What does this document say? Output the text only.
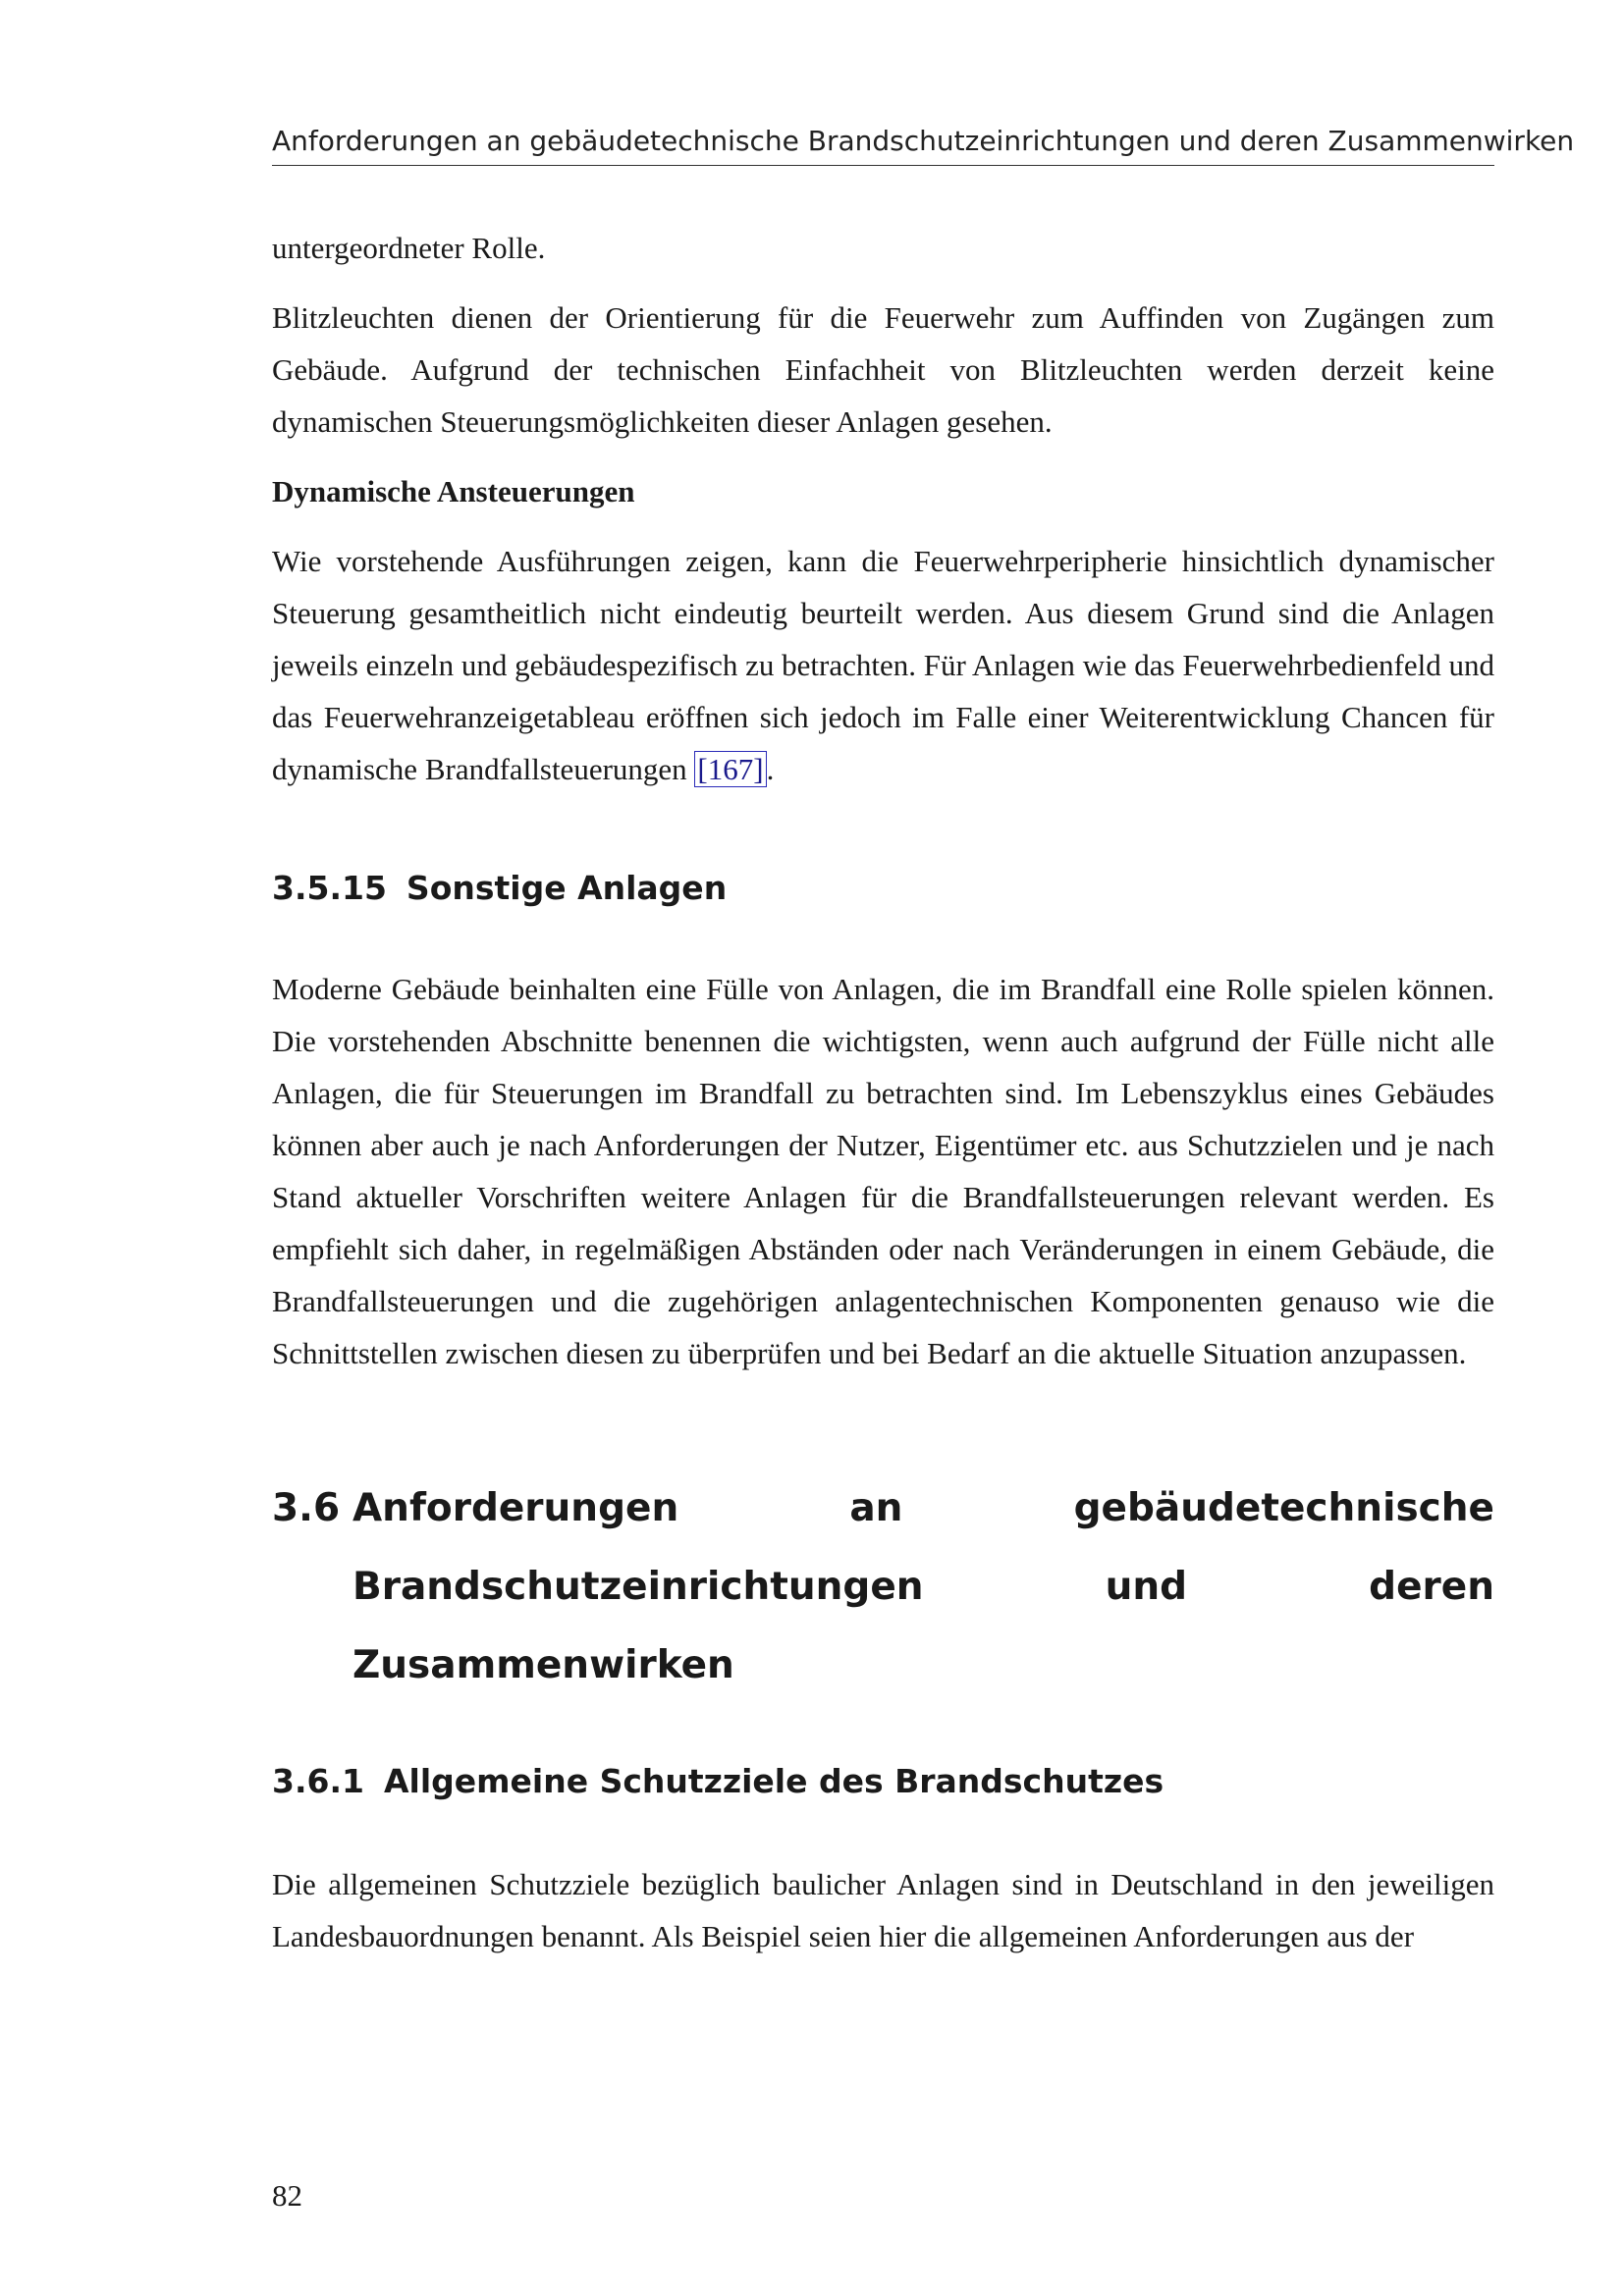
Anforderungen an gebäudetechnische Brandschutzeinrichtungen und deren Zusammenwirken

untergeordneter Rolle.

Blitzleuchten dienen der Orientierung für die Feuerwehr zum Auffinden von Zugängen zum Gebäude. Aufgrund der technischen Einfachheit von Blitzleuchten werden derzeit keine dynamischen Steuerungsmöglichkeiten dieser Anlagen gesehen.

Dynamische Ansteuerungen

Wie vorstehende Ausführungen zeigen, kann die Feuerwehrperipherie hinsichtlich dynamischer Steuerung gesamtheitlich nicht eindeutig beurteilt werden. Aus diesem Grund sind die Anlagen jeweils einzeln und gebäudespezifisch zu betrachten. Für Anlagen wie das Feuerwehrbedienfeld und das Feuerwehranzeigetableau eröffnen sich jedoch im Falle einer Weiterentwicklung Chancen für dynamische Brandfallsteuerungen [167].

3.5.15 Sonstige Anlagen

Moderne Gebäude beinhalten eine Fülle von Anlagen, die im Brandfall eine Rolle spielen können. Die vorstehenden Abschnitte benennen die wichtigsten, wenn auch aufgrund der Fülle nicht alle Anlagen, die für Steuerungen im Brandfall zu betrachten sind. Im Lebenszyklus eines Gebäudes können aber auch je nach Anforderungen der Nutzer, Eigentümer etc. aus Schutzzielen und je nach Stand aktueller Vorschriften weitere Anlagen für die Brandfallsteuerungen relevant werden. Es empfiehlt sich daher, in regelmäßigen Abständen oder nach Veränderungen in einem Gebäude, die Brandfallsteuerungen und die zugehörigen anlagentechnischen Komponenten genauso wie die Schnittstellen zwischen diesen zu überprüfen und bei Bedarf an die aktuelle Situation anzupassen.

3.6 Anforderungen an gebäudetechnische Brandschutzeinrichtungen und deren Zusammenwirken
3.6.1 Allgemeine Schutzziele des Brandschutzes

Die allgemeinen Schutzziele bezüglich baulicher Anlagen sind in Deutschland in den jeweiligen Landesbauordnungen benannt. Als Beispiel seien hier die allgemeinen Anforderungen aus der

82
